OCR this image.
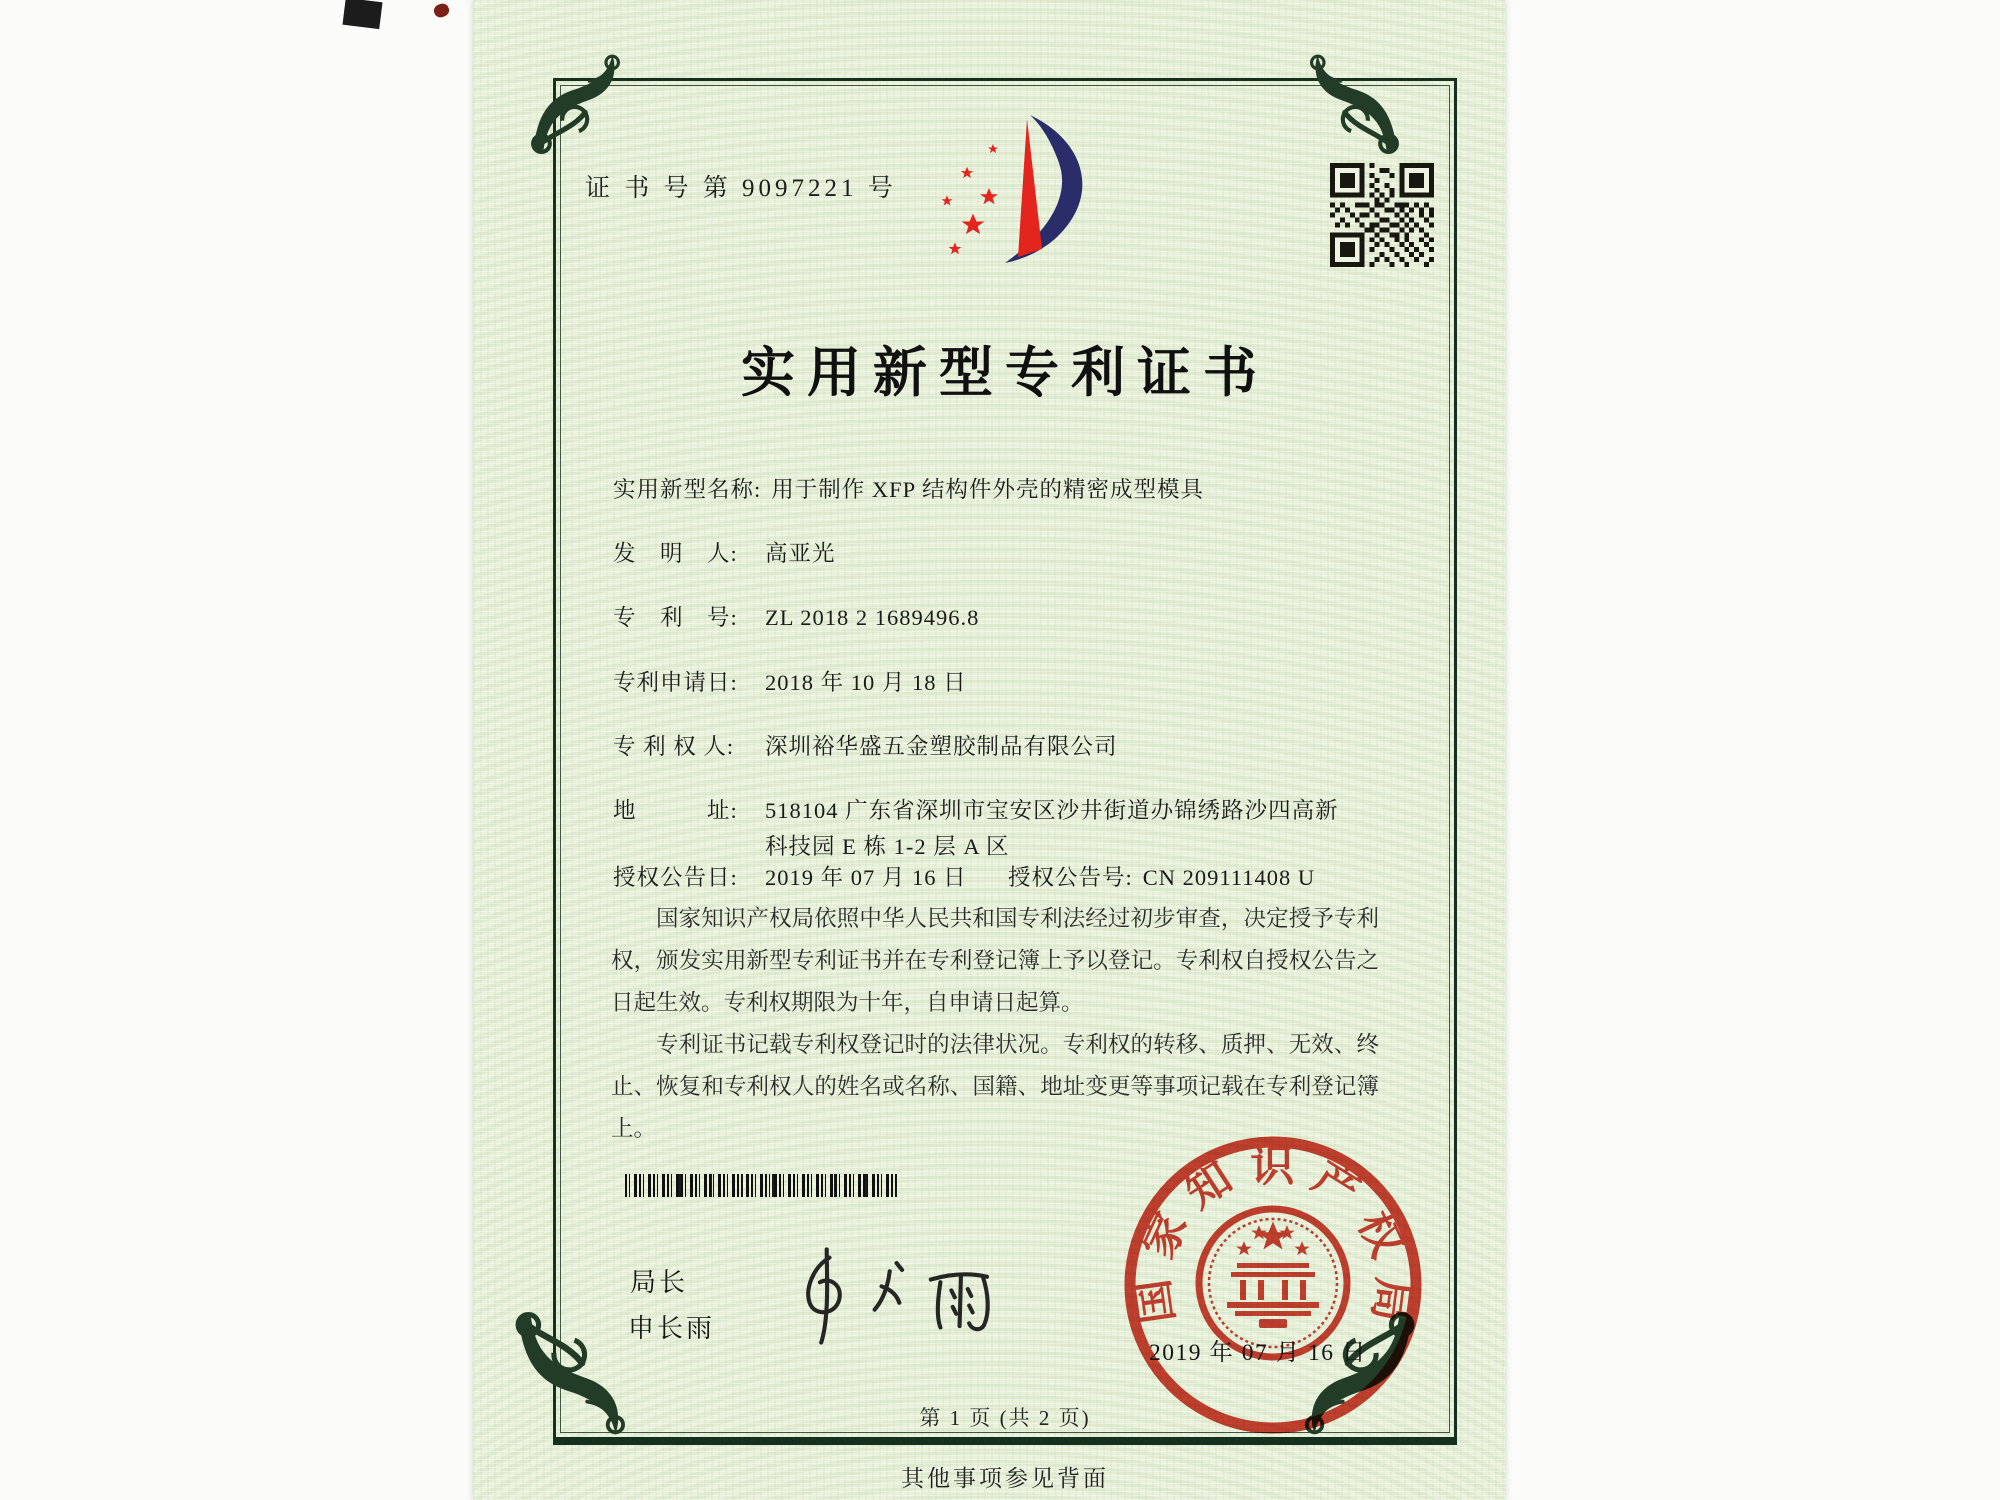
证 书 号 第 9097221 号
实用新型专利证书
实用新型名称: 用于制作 XFP 结构件外壳的精密成型模具
发　明　人: 高亚光
专　利　号: ZL 2018 2 1689496.8
专利申请日: 2018 年 10 月 18 日
专 利 权 人: 深圳裕华盛五金塑胶制品有限公司
地　　　址: 518104 广东省深圳市宝安区沙井街道办锦绣路沙四高新
科技园 E 栋 1-2 层 A 区
授权公告日: 2019 年 07 月 16 日 授权公告号: CN 209111408 U

国家知识产权局依照中华人民共和国专利法经过初步审查，决定授予专利权，颁发实用新型专利证书并在专利登记簿上予以登记。专利权自授权公告之日起生效。专利权期限为十年，自申请日起算。

专利证书记载专利权登记时的法律状况。专利权的转移、质押、无效、终止、恢复和专利权人的姓名或名称、国籍、地址变更等事项记载在专利登记簿上。

局长
申长雨
国家知识产权局
2019 年 07 月 16 日
第 1 页 (共 2 页)
其他事项参见背面
